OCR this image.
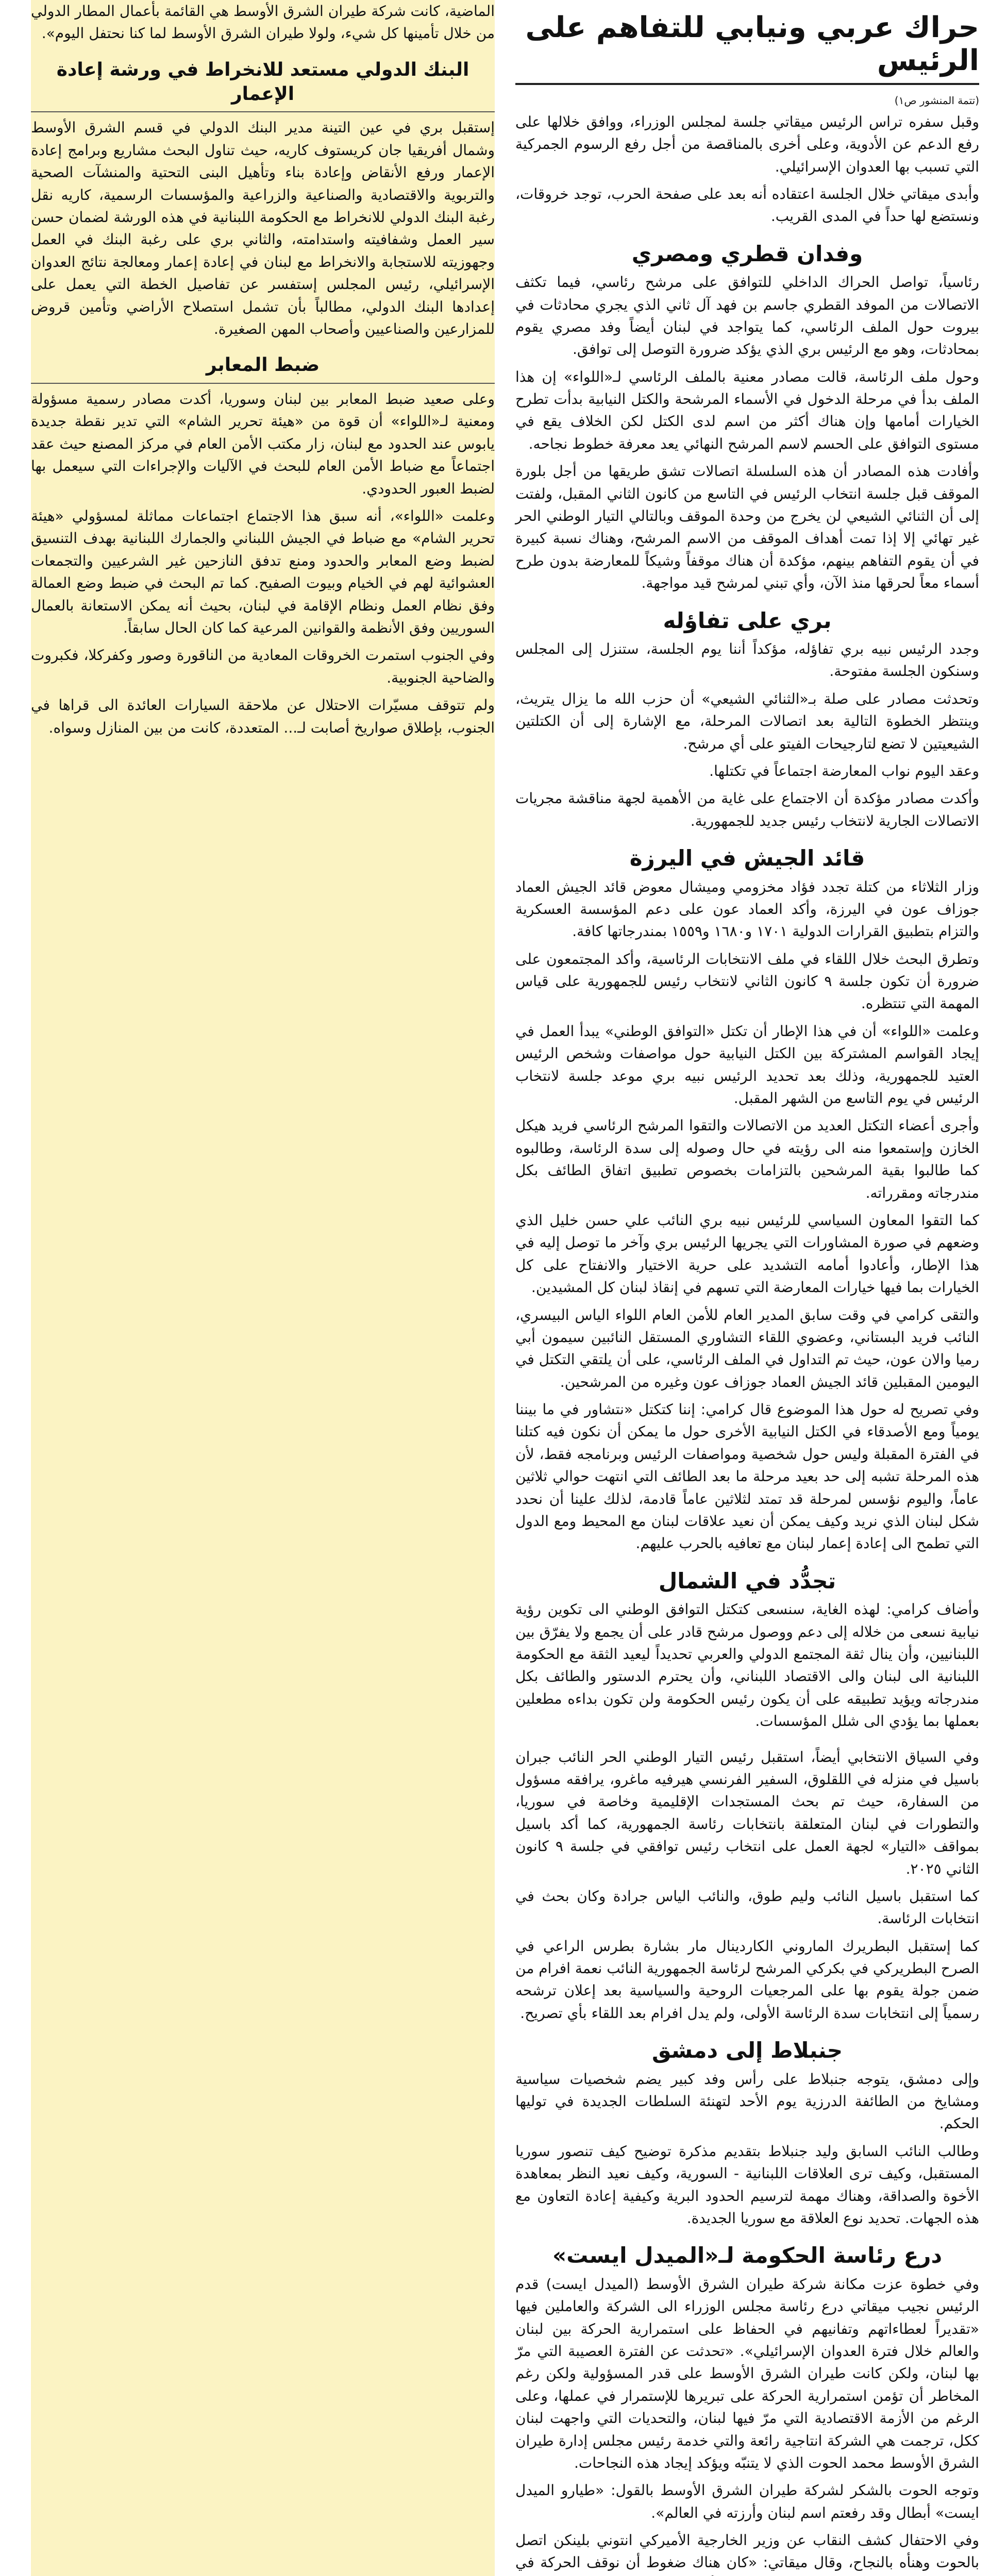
حراك عربي ونيابي للتفاهم على الرئيس
(تتمة المنشور ص١)

وقبل سفره تراس الرئيس ميقاتي جلسة لمجلس الوزراء، ووافق خلالها على رفع الدعم عن الأدوية، وعلى أخرى بالمناقصة من أجل رفع الرسوم الجمركية التي تسبب بها العدوان الإسرائيلي.

وأبدى ميقاتي خلال الجلسة اعتقاده أنه بعد على صفحة الحرب، توجد خروقات، ونستضع لها حداً في المدى القريب.

وفدان قطري ومصري

رئاسياً، تواصل الحراك الداخلي للتوافق على مرشح رئاسي، فيما تكثف الاتصالات من الموفد القطري جاسم بن فهد آل ثاني الذي يجري محادثات في بيروت حول الملف الرئاسي، كما يتواجد في لبنان أيضاً وفد مصري يقوم بمحادثات، وهو مع الرئيس بري الذي يؤكد ضرورة التوصل إلى توافق.

وحول ملف الرئاسة، قالت مصادر معنية بالملف الرئاسي لـ«اللواء» إن هذا الملف بدأ في مرحلة الدخول في الأسماء المرشحة والكتل النيابية بدأت تطرح الخيارات أمامها وإن هناك أكثر من اسم لدى الكتل لكن الخلاف يقع في مستوى التوافق على الحسم لاسم المرشح النهائي يعد معرفة خطوط نجاحه.

وأفادت هذه المصادر أن هذه السلسلة اتصالات تشق طريقها من أجل بلورة الموقف قبل جلسة انتخاب الرئيس في التاسع من كانون الثاني المقبل، ولفتت إلى أن الثنائي الشيعي لن يخرج من وحدة الموقف وبالتالي التيار الوطني الحر غير تهائي إلا إذا تمت أهداف الموقف من الاسم المرشح، وهناك نسبة كبيرة في أن يقوم التفاهم بينهم، مؤكدة أن هناك موقفاً وشيكاً للمعارضة بدون طرح أسماء معاً لحرقها منذ الآن، وأي تبني لمرشح قيد مواجهة.

بري على تفاؤله

وجدد الرئيس نبيه بري تفاؤله، مؤكداً أننا يوم الجلسة، ستنزل إلى المجلس وسنكون الجلسة مفتوحة.

وتحدثت مصادر على صلة بـ«الثنائي الشيعي» أن حزب الله ما يزال يتريث، وينتظر الخطوة التالية بعد اتصالات المرحلة، مع الإشارة إلى أن الكتلتين الشيعيتين لا تضع لتارجيحات الفيتو على أي مرشح.

وعقد اليوم نواب المعارضة اجتماعاً في تكتلها.

وأكدت مصادر مؤكدة أن الاجتماع على غاية من الأهمية لجهة مناقشة مجريات الاتصالات الجارية لانتخاب رئيس جديد للجمهورية.

قائد الجيش في اليرزة

وزار الثلاثاء من كتلة تجدد فؤاد مخزومي وميشال معوض قائد الجيش العماد جوزاف عون في اليرزة، وأكد العماد عون على دعم المؤسسة العسكرية والتزام بتطبيق القرارات الدولية ١٧٠١ و١٦٨٠ و١٥٥٩ بمندرجاتها كافة.

وتطرق البحث خلال اللقاء في ملف الانتخابات الرئاسية، وأكد المجتمعون على ضرورة أن تكون جلسة ٩ كانون الثاني لانتخاب رئيس للجمهورية على قياس المهمة التي تنتظره.

وعلمت «اللواء» أن في هذا الإطار أن تكتل «التوافق الوطني» يبدأ العمل في إيجاد القواسم المشتركة بين الكتل النيابية حول مواصفات وشخص الرئيس العتيد للجمهورية، وذلك بعد تحديد الرئيس نبيه بري موعد جلسة لانتخاب الرئيس في يوم التاسع من الشهر المقبل.

وأجرى أعضاء التكتل العديد من الاتصالات والتقوا المرشح الرئاسي فريد هيكل الخازن وإستمعوا منه الى رؤيته في حال وصوله إلى سدة الرئاسة، وطالبوه كما طالبوا بقية المرشحين بالتزامات بخصوص تطبيق اتفاق الطائف بكل مندرجاته ومقرراته.

كما التقوا المعاون السياسي للرئيس نبيه بري النائب علي حسن خليل الذي وضعهم في صورة المشاورات التي يجريها الرئيس بري وآخر ما توصل إليه في هذا الإطار، وأعادوا أمامه التشديد على حرية الاختيار والانفتاح على كل الخيارات بما فيها خيارات المعارضة التي تسهم في إنقاذ لبنان كل المشيدين.

والتقى كرامي في وقت سابق المدير العام للأمن العام اللواء الياس البيسري، النائب فريد البستاني، وعضوي اللقاء التشاوري المستقل النائبين سيمون أبي رميا والان عون، حيث تم التداول في الملف الرئاسي، على أن يلتقي التكتل في اليومين المقبلين قائد الجيش العماد جوزاف عون وغيره من المرشحين.

وفي تصريح له حول هذا الموضوع قال كرامي: إننا كتكتل «نتشاور في ما بيننا يومياً ومع الأصدقاء في الكتل النيابية الأخرى حول ما يمكن أن نكون فيه كتلنا في الفترة المقبلة وليس حول شخصية ومواصفات الرئيس وبرنامجه فقط، لأن هذه المرحلة تشبه إلى حد بعيد مرحلة ما بعد الطائف التي انتهت حوالي ثلاثين عاماً، واليوم نؤسس لمرحلة قد تمتد لثلاثين عاماً قادمة، لذلك علينا أن نحدد شكل لبنان الذي نريد وكيف يمكن أن نعيد علاقات لبنان مع المحيط ومع الدول التي تطمح الى إعادة إعمار لبنان مع تعافيه بالحرب عليهم.

تجدُّد في الشمال

وأضاف كرامي: لهذه الغاية، سنسعى كتكتل التوافق الوطني الى تكوين رؤية نيابية نسعى من خلاله إلى دعم ووصول مرشح قادر على أن يجمع ولا يفرّق بين اللبنانيين، وأن ينال ثقة المجتمع الدولي والعربي تحديداً ليعيد الثقة مع الحكومة اللبنانية الى لبنان والى الاقتصاد اللبناني، وأن يحترم الدستور والطائف بكل مندرجاته ويؤيد تطبيقه على أن يكون رئيس الحكومة ولن تكون بداءه مطعلين بعملها بما يؤدي الى شلل المؤسسات.

وفي السياق الانتخابي أيضاً، استقبل رئيس التيار الوطني الحر النائب جبران باسيل في منزله في اللقلوق، السفير الفرنسي هيرفيه ماغرو، يرافقه مسؤول من السفارة، حيث تم بحث المستجدات الإقليمية وخاصة في سوريا، والتطورات في لبنان المتعلقة بانتخابات رئاسة الجمهورية، كما أكد باسيل بمواقف «التيار» لجهة العمل على انتخاب رئيس توافقي في جلسة ٩ كانون الثاني ٢٠٢٥.

كما استقبل باسيل النائب وليم طوق، والنائب الياس جرادة وكان بحث في انتخابات الرئاسة.

كما إستقبل البطريرك الماروني الكاردينال مار بشارة بطرس الراعي في الصرح البطريركي في بكركي المرشح لرئاسة الجمهورية النائب نعمة افرام من ضمن جولة يقوم بها على المرجعيات الروحية والسياسية بعد إعلان ترشحه رسمياً إلى انتخابات سدة الرئاسة الأولى، ولم يدل افرام بعد اللقاء بأي تصريح.

جنبلاط إلى دمشق

وإلى دمشق، يتوجه جنبلاط على رأس وفد كبير يضم شخصيات سياسية ومشايخ من الطائفة الدرزية يوم الأحد لتهنئة السلطات الجديدة في توليها الحكم.

وطالب النائب السابق وليد جنبلاط بتقديم مذكرة توضيح كيف تنصور سوريا المستقبل، وكيف ترى العلاقات اللبنانية - السورية، وكيف نعيد النظر بمعاهدة الأخوة والصداقة، وهناك مهمة لترسيم الحدود البرية وكيفية إعادة التعاون مع هذه الجهات. تحديد نوع العلاقة مع سوريا الجديدة.

درع رئاسة الحكومة لـ«الميدل ايست»

وفي خطوة عزت مكانة شركة طيران الشرق الأوسط (الميدل ايست) قدم الرئيس نجيب ميقاتي درع رئاسة مجلس الوزراء الى الشركة والعاملين فيها «تقديراً لعطاءاتهم وتفانيهم في الحفاظ على استمرارية الحركة بين لبنان والعالم خلال فترة العدوان الإسرائيلي». «تحدثت عن الفترة العصيبة التي مرّ بها لبنان، ولكن كانت طيران الشرق الأوسط على قدر المسؤولية ولكن رغم المخاطر أن تؤمن استمرارية الحركة على تبريرها للإستمرار في عملها، وعلى الرغم من الأزمة الاقتصادية التي مرّ فيها لبنان، والتحديات التي واجهت لبنان ككل، ترجمت هي الشركة انتاجية رائعة والتي خدمة رئيس مجلس إدارة طيران الشرق الأوسط محمد الحوت الذي لا يتنبّه ويؤكد إيجاد هذه النجاحات.

وتوجه الحوت بالشكر لشركة طيران الشرق الأوسط بالقول: «طيارو الميدل ايست» أبطال وقد رفعتم اسم لبنان وأرزته في العالم».

وفي الاحتفال كشف النقاب عن وزير الخارجية الأميركي انتوني بلينكن اتصل بالحوت وهنأه بالنجاح، وقال ميقاتي: «كان هناك ضغوط أن نوقف الحركة في

الماضية، كانت شركة طيران الشرق الأوسط هي القائمة بأعمال المطار الدولي من خلال تأمينها كل شيء، ولولا طيران الشرق الأوسط لما كنا نحتفل اليوم».

البنك الدولي مستعد للانخراط في ورشة إعادة الإعمار

إستقبل بري في عين التينة مدير البنك الدولي في قسم الشرق الأوسط وشمال أفريقيا جان كريستوف كاريه، حيث تناول البحث مشاريع وبرامج إعادة الإعمار ورفع الأنقاض وإعادة بناء وتأهيل البنى التحتية والمنشآت الصحية والتربوية والاقتصادية والصناعية والزراعية والمؤسسات الرسمية، كاريه نقل رغبة البنك الدولي للانخراط مع الحكومة اللبنانية في هذه الورشة لضمان حسن سير العمل وشفافيته واستدامته، والثاني بري على رغبة البنك في العمل وجهوزيته للاستجابة والانخراط مع لبنان في إعادة إعمار ومعالجة نتائج العدوان الإسرائيلي، رئيس المجلس إستفسر عن تفاصيل الخطة التي يعمل على إعدادها البنك الدولي، مطالباً بأن تشمل استصلاح الأراضي وتأمين قروض للمزارعين والصناعيين وأصحاب المهن الصغيرة.

ضبط المعابر

وعلى صعيد ضبط المعابر بين لبنان وسوريا، أكدت مصادر رسمية مسؤولة ومعنية لـ«اللواء» أن قوة من «هيئة تحرير الشام» التي تدير نقطة جديدة يابوس عند الحدود مع لبنان، زار مكتب الأمن العام في مركز المصنع حيث عقد اجتماعاً مع ضباط الأمن العام للبحث في الآليات والإجراءات التي سيعمل بها لضبط العبور الحدودي.

وعلمت «اللواء»، أنه سبق هذا الاجتماع اجتماعات مماثلة لمسؤولي «هيئة تحرير الشام» مع ضباط في الجيش اللبناني والجمارك اللبنانية بهدف التنسيق لضبط وضع المعابر والحدود ومنع تدفق النازحين غير الشرعيين والتجمعات العشوائية لهم في الخيام وبيوت الصفيح. كما تم البحث في ضبط وضع العمالة وفق نظام العمل ونظام الإقامة في لبنان، بحيث أنه يمكن الاستعانة بالعمال السوريين وفق الأنظمة والقوانين المرعية كما كان الحال سابقاً.

وفي الجنوب استمرت الخروقات المعادية من الناقورة وصور وكفركلا، فكبروت والضاحية الجنوبية.

ولم تتوقف مسيّرات الاحتلال عن ملاحقة السيارات العائدة الى قراها في الجنوب، بإطلاق صواريخ أصابت لـ... المتعددة، كانت من بين المنازل وسواه.
